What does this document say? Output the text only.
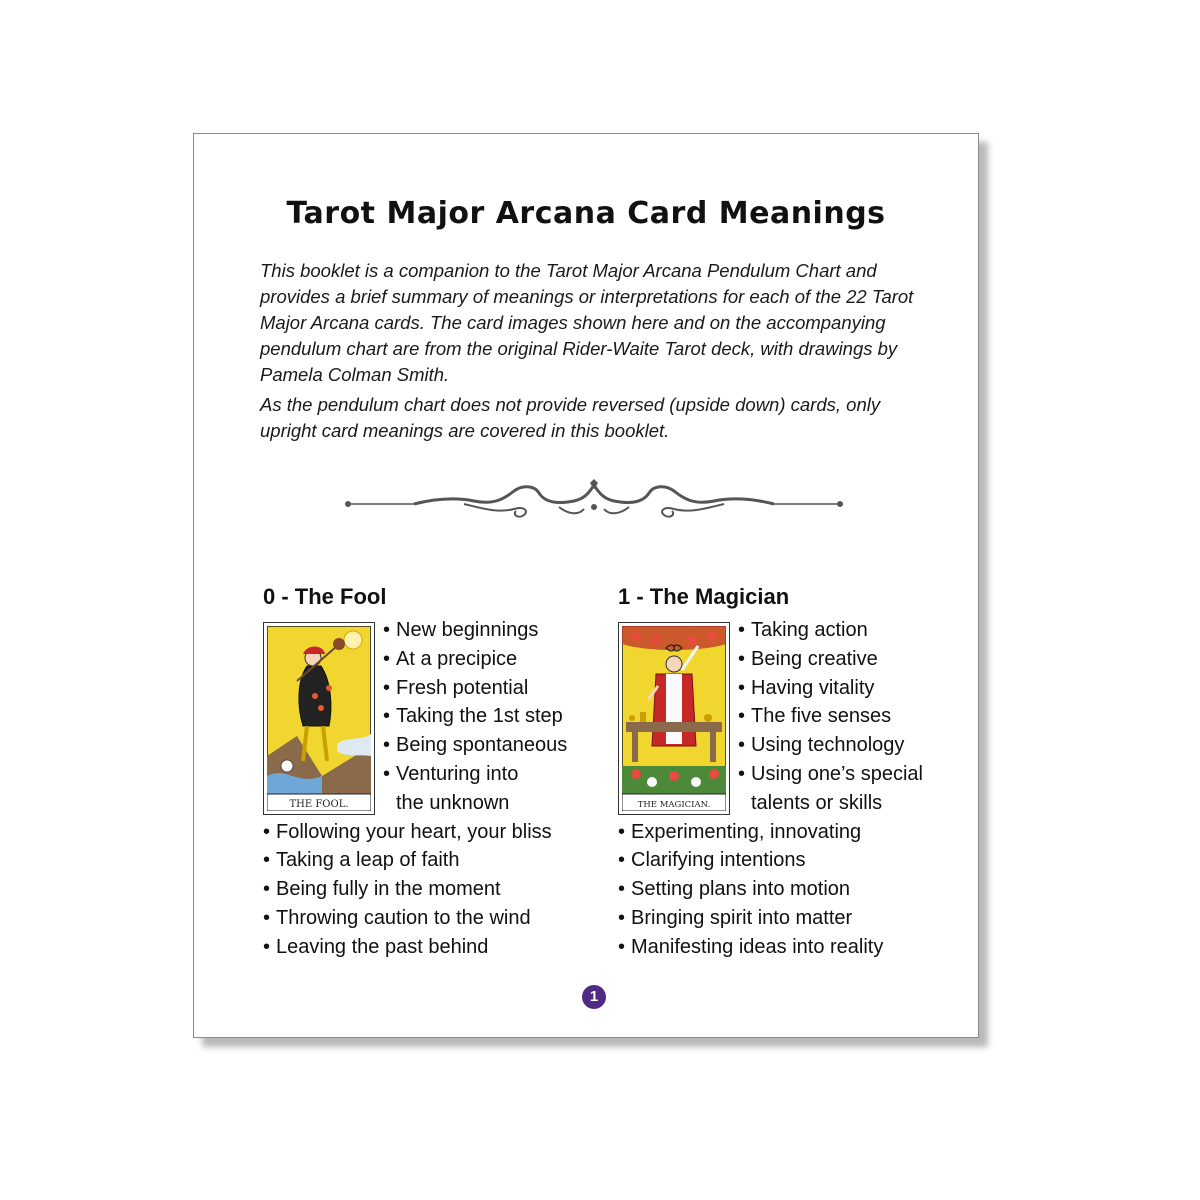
Tarot Major Arcana Card Meanings

This booklet is a companion to the Tarot Major Arcana Pendulum Chart and provides a brief summary of meanings or interpretations for each of the 22 Tarot Major Arcana cards. The card images shown here and on the accompanying pendulum chart are from the original Rider-Waite Tarot deck, with drawings by Pamela Colman Smith.

As the pendulum chart does not provide reversed (upside down) cards, only upright card meanings are covered in this booklet.

0 - The Fool
THE FOOL.
• New beginnings
• At a precipice
• Fresh potential
• Taking the 1st step
• Being spontaneous
• Venturing into
the unknown
• Following your heart, your bliss
• Taking a leap of faith
• Being fully in the moment
• Throwing caution to the wind
• Leaving the past behind
1 - The Magician
THE MAGICIAN.
• Taking action
• Being creative
• Having vitality
• The five senses
• Using technology
• Using one’s special
talents or skills
• Experimenting, innovating
• Clarifying intentions
• Setting plans into motion
• Bringing spirit into matter
• Manifesting ideas into reality
1
